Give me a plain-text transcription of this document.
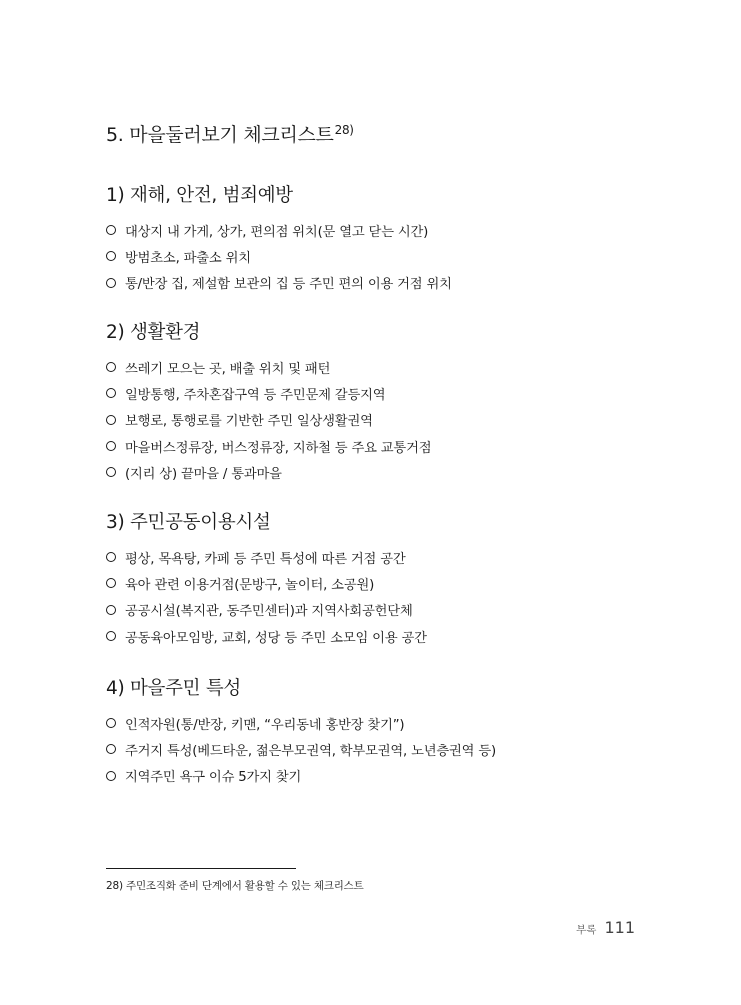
5. 마을둘러보기 체크리스트$^{28)}$
1) 재해, 안전, 범죄예방
대상지 내 가게, 상가, 편의점 위치(문 열고 닫는 시간)
방범초소, 파출소 위치
통/반장 집, 제설함 보관의 집 등 주민 편의 이용 거점 위치
2) 생활환경
쓰레기 모으는 곳, 배출 위치 및 패턴
일방통행, 주차혼잡구역 등 주민문제 갈등지역
보행로, 통행로를 기반한 주민 일상생활권역
마을버스정류장, 버스정류장, 지하철 등 주요 교통거점
(지리 상) 끝마을 / 통과마을
3) 주민공동이용시설
평상, 목욕탕, 카페 등 주민 특성에 따른 거점 공간
육아 관련 이용거점(문방구, 놀이터, 소공원)
공공시설(복지관, 동주민센터)과 지역사회공헌단체
공동육아모임방, 교회, 성당 등 주민 소모임 이용 공간
4) 마을주민 특성
인적자원(통/반장, 키맨, “우리동네 홍반장 찾기”)
주거지 특성(베드타운, 젊은부모권역, 학부모권역, 노년층권역 등)
지역주민 욕구 이슈 5가지 찾기
28) 주민조직화 준비 단계에서 활용할 수 있는 체크리스트
부록 111
